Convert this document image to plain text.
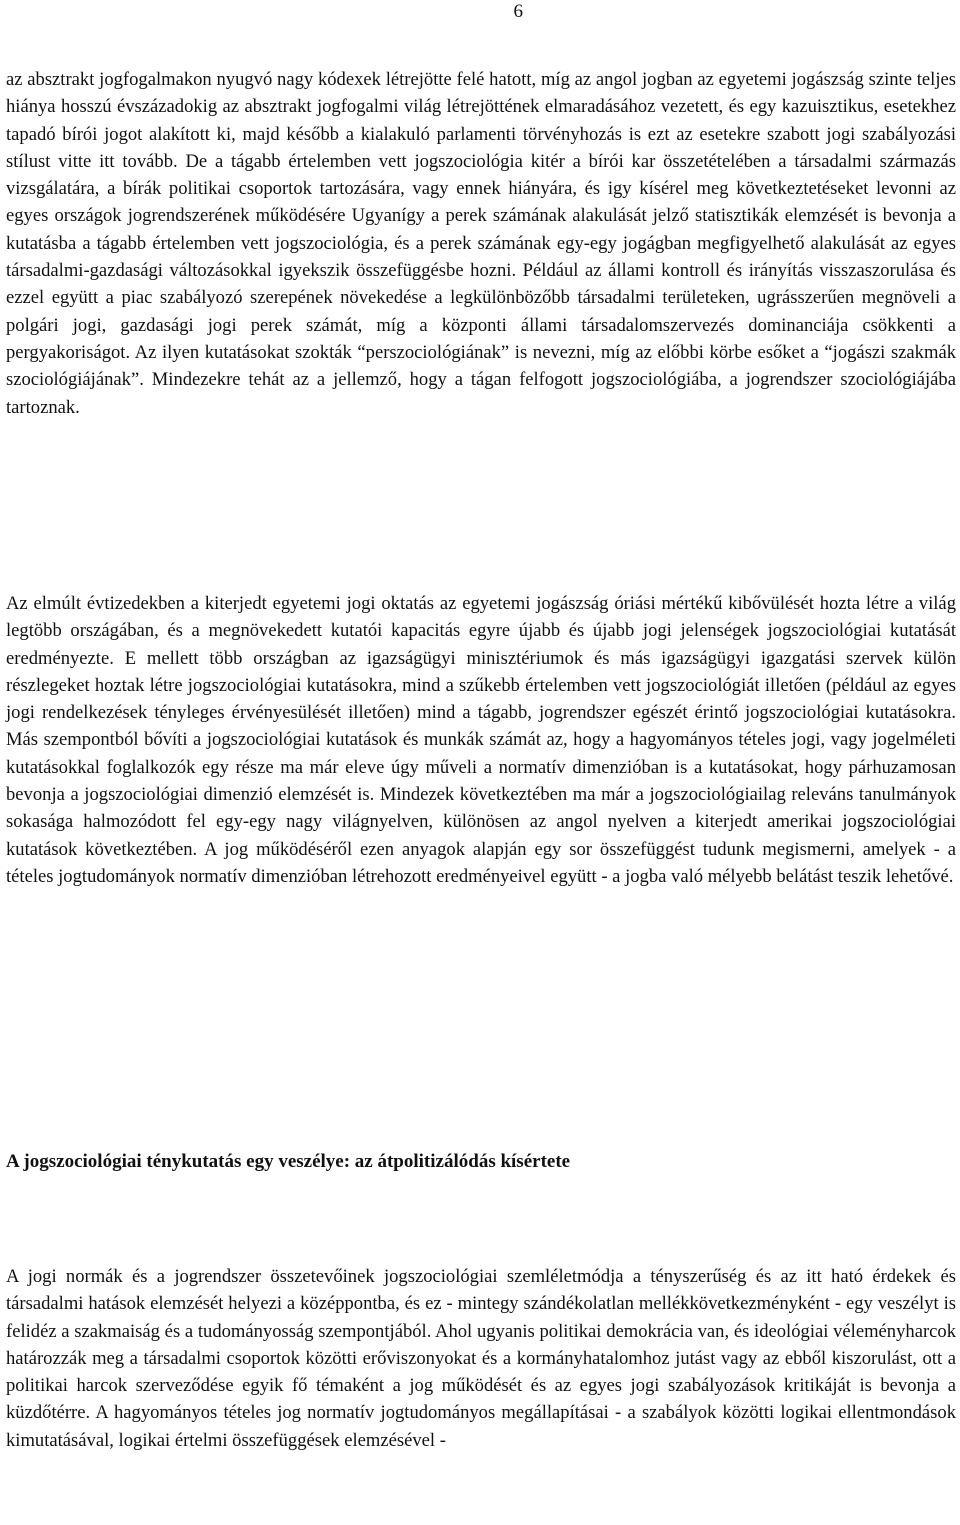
6

az absztrakt jogfogalmakon nyugvó nagy kódexek létrejötte felé hatott, míg az angol jogban az egyetemi jogászság szinte teljes hiánya hosszú évszázadokig az absztrakt jogfogalmi világ létrejöttének elmaradásához vezetett, és egy kazuisztikus, esetekhez tapadó bírói jogot alakított ki, majd később a kialakuló parlamenti törvényhozás is ezt az esetekre szabott jogi szabályozási stílust vitte itt tovább. De a tágabb értelemben vett jogszociológia kitér a bírói kar összetételében a társadalmi származás vizsgálatára, a bírák politikai csoportok tartozására, vagy ennek hiányára, és igy kísérel meg következtetéseket levonni az egyes országok jogrendszerének működésére Ugyanígy a perek számának alakulását jelző statisztikák elemzését is bevonja a kutatásba a tágabb értelemben vett jogszociológia, és a perek számának egy-egy jogágban megfigyelhető alakulását az egyes társadalmi-gazdasági változásokkal igyekszik összefüggésbe hozni. Például az állami kontroll és irányítás visszaszorulása és ezzel együtt a piac szabályozó szerepének növekedése a legkülönbözőbb társadalmi területeken, ugrásszerűen megnöveli a polgári jogi, gazdasági jogi perek számát, míg a központi állami társadalomszervezés dominanciája csökkenti a pergyakoriságot. Az ilyen kutatásokat szokták “perszociológiának” is nevezni, míg az előbbi körbe esőket a “jogászi szakmák szociológiájának”. Mindezekre tehát az a jellemző, hogy a tágan felfogott jogszociológiába, a jogrendszer szociológiájába tartoznak.

Az elmúlt évtizedekben a kiterjedt egyetemi jogi oktatás az egyetemi jogászság óriási mértékű kibővülését hozta létre a világ legtöbb országában, és a megnövekedett kutatói kapacitás egyre újabb és újabb jogi jelenségek jogszociológiai kutatását eredményezte. E mellett több országban az igazságügyi minisztériumok és más igazságügyi igazgatási szervek külön részlegeket hoztak létre jogszociológiai kutatásokra, mind a szűkebb értelemben vett jogszociológiát illetően (például az egyes jogi rendelkezések tényleges érvényesülését illetően) mind a tágabb, jogrendszer egészét érintő jogszociológiai kutatásokra. Más szempontból bővíti a jogszociológiai kutatások és munkák számát az, hogy a hagyományos tételes jogi, vagy jogelméleti kutatásokkal foglalkozók egy része ma már eleve úgy műveli a normatív dimenzióban is a kutatásokat, hogy párhuzamosan bevonja a jogszociológiai dimenzió elemzését is. Mindezek következtében ma már a jogszociológiailag releváns tanulmányok sokasága halmozódott fel egy-egy nagy világnyelven, különösen az angol nyelven a kiterjedt amerikai jogszociológiai kutatások következtében. A jog működéséről ezen anyagok alapján egy sor összefüggést tudunk megismerni, amelyek - a tételes jogtudományok normatív dimenzióban létrehozott eredményeivel együtt - a jogba való mélyebb belátást teszik lehetővé.

A jogszociológiai ténykutatás egy veszélye: az átpolitizálódás kísértete

A jogi normák és a jogrendszer összetevőinek jogszociológiai szemléletmódja a tényszerűség és az itt ható érdekek és társadalmi hatások elemzését helyezi a középpontba, és ez - mintegy szándékolatlan mellékkövetkezményként - egy veszélyt is felidéz a szakmaiság és a tudományosság szempontjából. Ahol ugyanis politikai demokrácia van, és ideológiai véleményharcok határozzák meg a társadalmi csoportok közötti erőviszonyokat és a kormányhatalomhoz jutást vagy az ebből kiszorulást, ott a politikai harcok szerveződése egyik fő témaként a jog működését és az egyes jogi szabályozások kritikáját is bevonja a küzdőtérre. A hagyományos tételes jog normatív jogtudományos megállapításai - a szabályok közötti logikai ellentmondások kimutatásával, logikai értelmi összefüggések elemzésével -
